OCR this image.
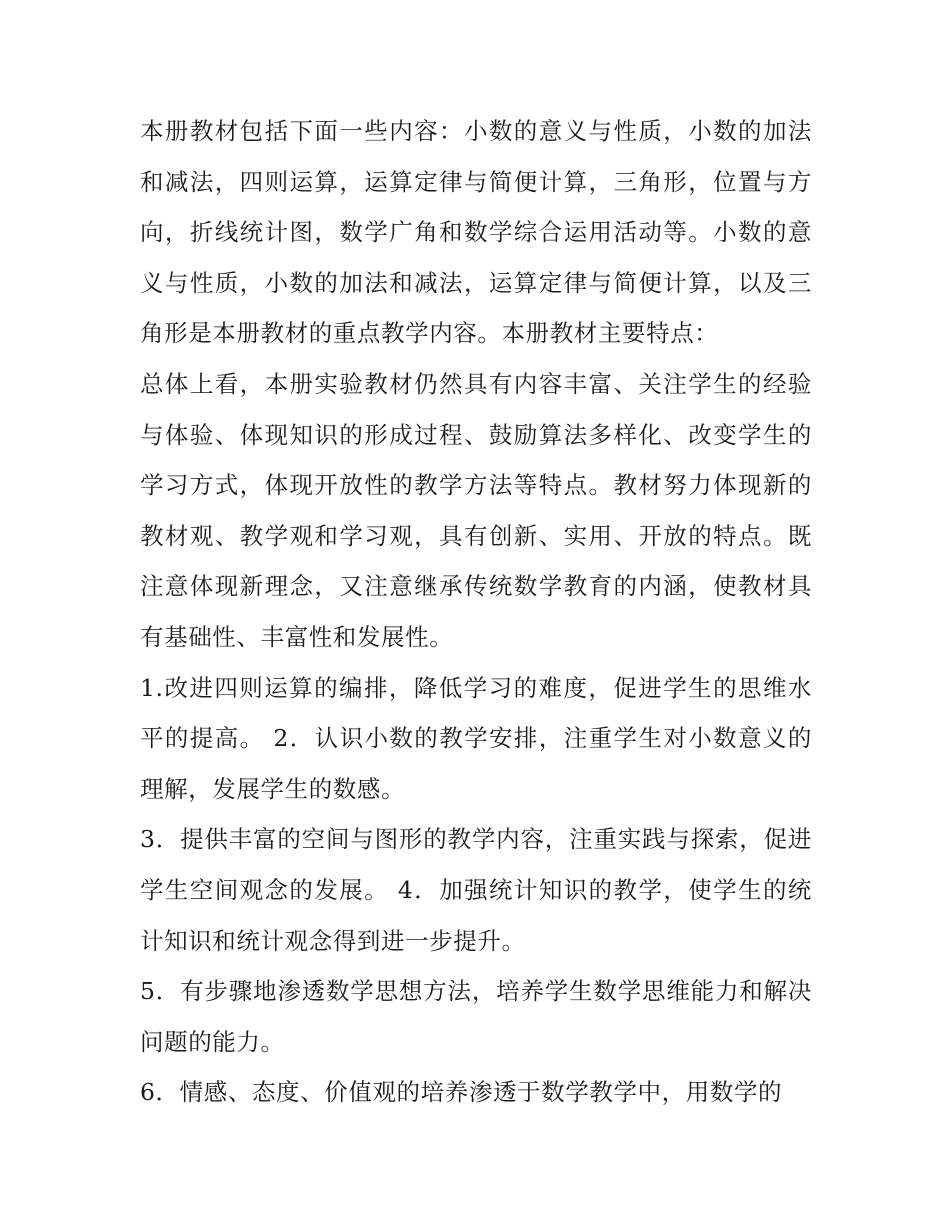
本册教材包括下面一些内容：小数的意义与性质，小数的加法和减法，四则运算，运算定律与简便计算，三角形，位置与方向，折线统计图，数学广角和数学综合运用活动等。小数的意义与性质，小数的加法和减法，运算定律与简便计算，以及三角形是本册教材的重点教学内容。本册教材主要特点：

总体上看，本册实验教材仍然具有内容丰富、关注学生的经验与体验、体现知识的形成过程、鼓励算法多样化、改变学生的学习方式，体现开放性的教学方法等特点。教材努力体现新的教材观、教学观和学习观，具有创新、实用、开放的特点。既注意体现新理念，又注意继承传统数学教育的内涵，使教材具有基础性、丰富性和发展性。

1.改进四则运算的编排，降低学习的难度，促进学生的思维水平的提高。 2．认识小数的教学安排，注重学生对小数意义的理解，发展学生的数感。

3．提供丰富的空间与图形的教学内容，注重实践与探索，促进学生空间观念的发展。 4．加强统计知识的教学，使学生的统计知识和统计观念得到进一步提升。

5．有步骤地渗透数学思想方法，培养学生数学思维能力和解决问题的能力。

6．情感、态度、价值观的培养渗透于数学教学中，用数学的
